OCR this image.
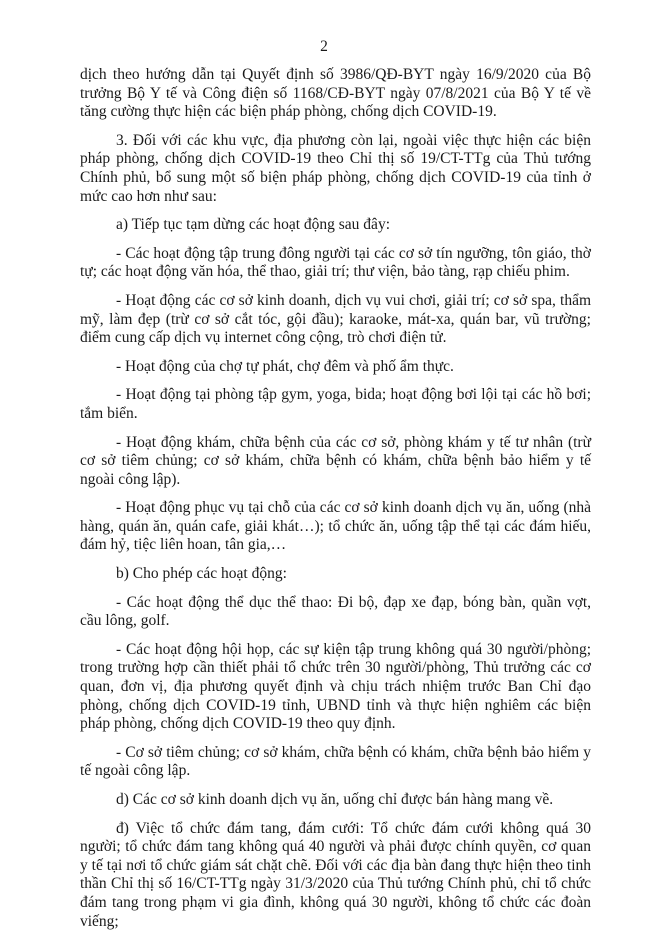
2

dịch theo hướng dẫn tại Quyết định số 3986/QĐ-BYT ngày 16/9/2020 của Bộ trưởng Bộ Y tế và Công điện số 1168/CĐ-BYT ngày 07/8/2021 của Bộ Y tế về tăng cường thực hiện các biện pháp phòng, chống dịch COVID-19.

3. Đối với các khu vực, địa phương còn lại, ngoài việc thực hiện các biện pháp phòng, chống dịch COVID-19 theo Chỉ thị số 19/CT-TTg của Thủ tướng Chính phủ, bổ sung một số biện pháp phòng, chống dịch COVID-19 của tỉnh ở mức cao hơn như sau:

a) Tiếp tục tạm dừng các hoạt động sau đây:

- Các hoạt động tập trung đông người tại các cơ sở tín ngưỡng, tôn giáo, thờ tự; các hoạt động văn hóa, thể thao, giải trí; thư viện, bảo tàng, rạp chiếu phim.

- Hoạt động các cơ sở kinh doanh, dịch vụ vui chơi, giải trí; cơ sở spa, thẩm mỹ, làm đẹp (trừ cơ sở cắt tóc, gội đầu); karaoke, mát-xa, quán bar, vũ trường; điểm cung cấp dịch vụ internet công cộng, trò chơi điện tử.

- Hoạt động của chợ tự phát, chợ đêm và phố ẩm thực.

- Hoạt động tại phòng tập gym, yoga, bida; hoạt động bơi lội tại các hồ bơi; tắm biển.

- Hoạt động khám, chữa bệnh của các cơ sở, phòng khám y tế tư nhân (trừ cơ sở tiêm chủng; cơ sở khám, chữa bệnh có khám, chữa bệnh bảo hiểm y tế ngoài công lập).

- Hoạt động phục vụ tại chỗ của các cơ sở kinh doanh dịch vụ ăn, uống (nhà hàng, quán ăn, quán cafe, giải khát…); tổ chức ăn, uống tập thể tại các đám hiếu, đám hỷ, tiệc liên hoan, tân gia,…

b) Cho phép các hoạt động:

- Các hoạt động thể dục thể thao: Đi bộ, đạp xe đạp, bóng bàn, quần vợt, cầu lông, golf.

- Các hoạt động hội họp, các sự kiện tập trung không quá 30 người/phòng; trong trường hợp cần thiết phải tổ chức trên 30 người/phòng, Thủ trưởng các cơ quan, đơn vị, địa phương quyết định và chịu trách nhiệm trước Ban Chỉ đạo phòng, chống dịch COVID-19 tỉnh, UBND tỉnh và thực hiện nghiêm các biện pháp phòng, chống dịch COVID-19 theo quy định.

- Cơ sở tiêm chủng; cơ sở khám, chữa bệnh có khám, chữa bệnh bảo hiểm y tế ngoài công lập.

d) Các cơ sở kinh doanh dịch vụ ăn, uống chỉ được bán hàng mang về.

đ) Việc tổ chức đám tang, đám cưới: Tổ chức đám cưới không quá 30 người; tổ chức đám tang không quá 40 người và phải được chính quyền, cơ quan y tế tại nơi tổ chức giám sát chặt chẽ. Đối với các địa bàn đang thực hiện theo tinh thần Chỉ thị số 16/CT-TTg ngày 31/3/2020 của Thủ tướng Chính phủ, chỉ tổ chức đám tang trong phạm vi gia đình, không quá 30 người, không tổ chức các đoàn viếng;
